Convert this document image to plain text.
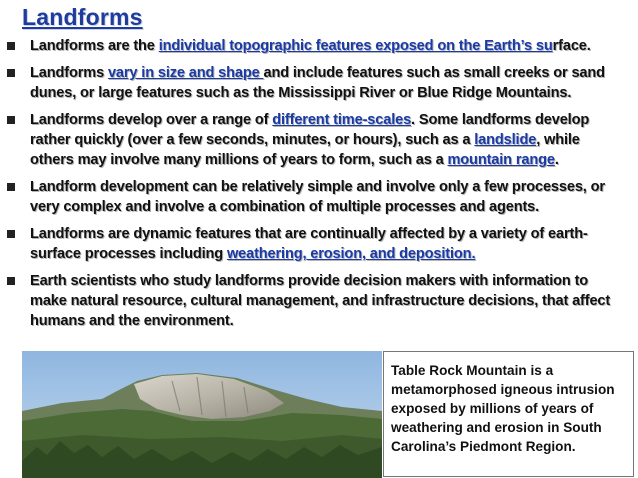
Landforms
Landforms are the individual topographic features exposed on the Earth’s surface.
Landforms vary in size and shape and include features such as small creeks or sand dunes, or large features such as the Mississippi River or Blue Ridge Mountains.
Landforms develop over a range of different time-scales. Some landforms develop rather quickly (over a few seconds, minutes, or hours), such as a landslide, while others may involve many millions of years to form, such as a mountain range.
Landform development can be relatively simple and involve only a few processes, or very complex and involve a combination of multiple processes and agents.
Landforms are dynamic features that are continually affected by a variety of earth-surface processes including weathering, erosion, and deposition.
Earth scientists who study landforms provide decision makers with information to make natural resource, cultural management, and infrastructure decisions, that affect humans and the environment.
Table Rock Mountain is a metamorphosed igneous intrusion exposed by millions of years of weathering and erosion in South Carolina’s Piedmont Region.
